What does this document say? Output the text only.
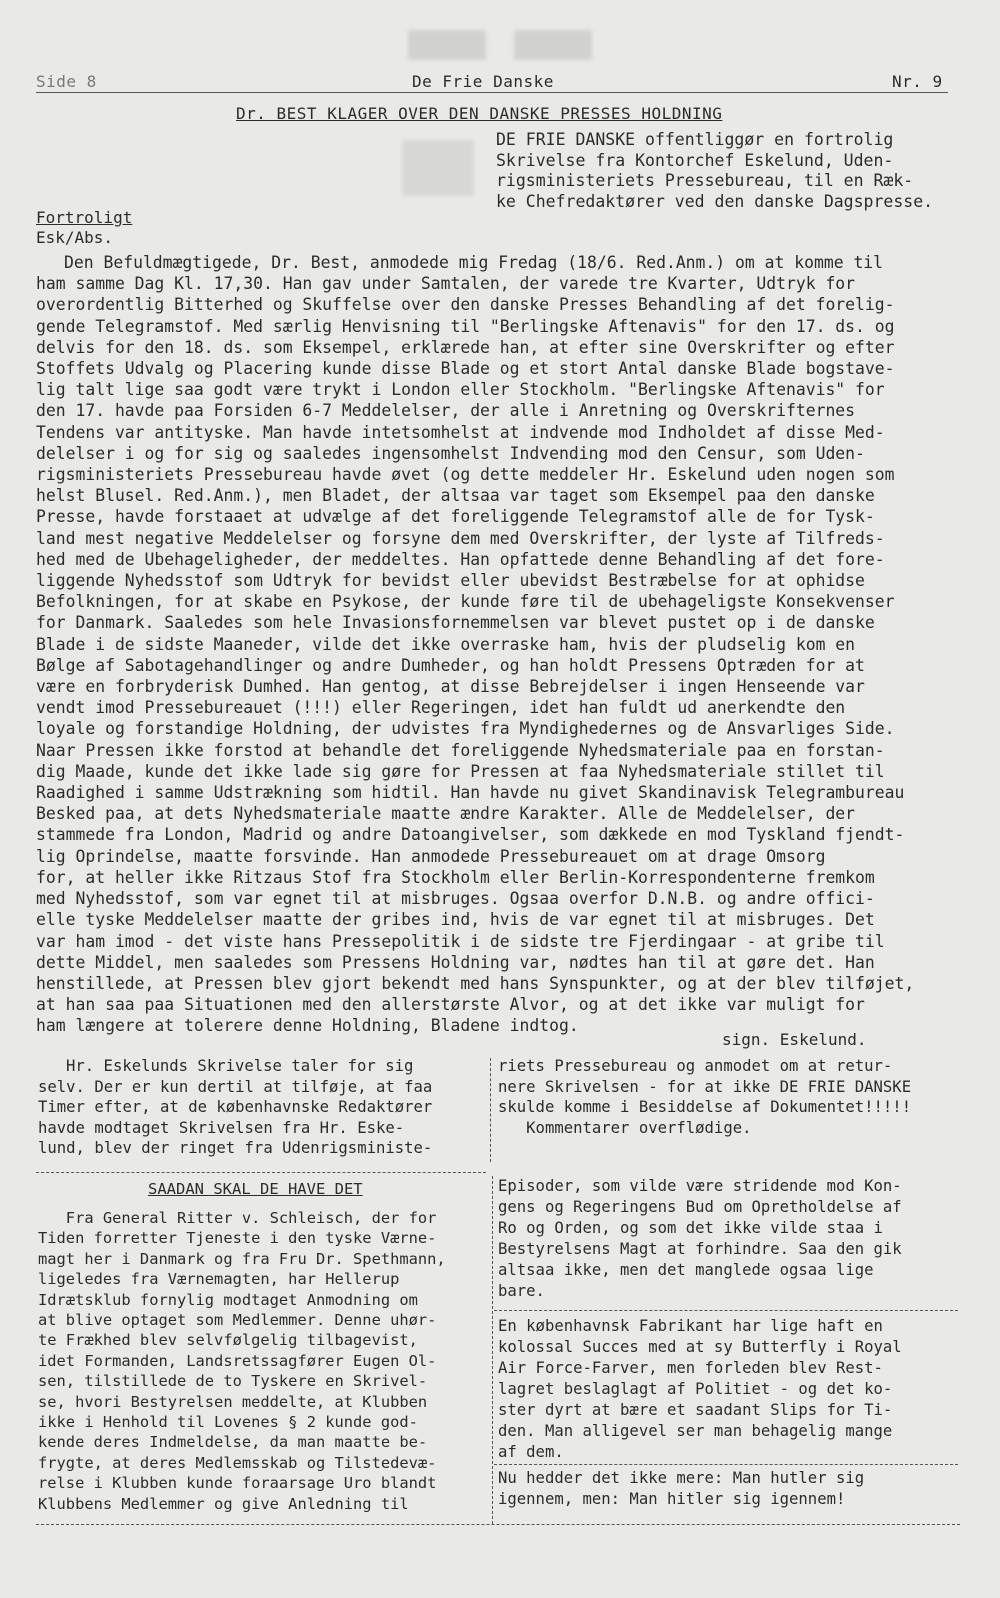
Side 8	De Frie Danske	Nr. 9
Dr. BEST KLAGER OVER DEN DANSKE PRESSES HOLDNING
DE FRIE DANSKE offentliggør en fortrolig
Skrivelse fra Kontorchef Eskelund, Uden-
rigsministeriets Pressebureau, til en Ræk-
ke Chefredaktører ved den danske Dagspresse.
Fortroligt
Esk/Abs.
Den Befuldmægtigede, Dr. Best, anmodede mig Fredag (18/6. Red.Anm.) om at komme til
ham samme Dag Kl. 17,30. Han gav under Samtalen, der varede tre Kvarter, Udtryk for
overordentlig Bitterhed og Skuffelse over den danske Presses Behandling af det forelig-
gende Telegramstof. Med særlig Henvisning til "Berlingske Aftenavis" for den 17. ds. og
delvis for den 18. ds. som Eksempel, erklærede han, at efter sine Overskrifter og efter
Stoffets Udvalg og Placering kunde disse Blade og et stort Antal danske Blade bogstave-
lig talt lige saa godt være trykt i London eller Stockholm. "Berlingske Aftenavis" for
den 17. havde paa Forsiden 6-7 Meddelelser, der alle i Anretning og Overskrifternes
Tendens var antityske. Man havde intetsomhelst at indvende mod Indholdet af disse Med-
delelser i og for sig og saaledes ingensomhelst Indvending mod den Censur, som Uden-
rigsministeriets Pressebureau havde øvet (og dette meddeler Hr. Eskelund uden nogen som
helst Blusel. Red.Anm.), men Bladet, der altsaa var taget som Eksempel paa den danske
Presse, havde forstaaet at udvælge af det foreliggende Telegramstof alle de for Tysk-
land mest negative Meddelelser og forsyne dem med Overskrifter, der lyste af Tilfreds-
hed med de Ubehageligheder, der meddeltes. Han opfattede denne Behandling af det fore-
liggende Nyhedsstof som Udtryk for bevidst eller ubevidst Bestræbelse for at ophidse
Befolkningen, for at skabe en Psykose, der kunde føre til de ubehageligste Konsekvenser
for Danmark. Saaledes som hele Invasionsfornemmelsen var blevet pustet op i de danske
Blade i de sidste Maaneder, vilde det ikke overraske ham, hvis der pludselig kom en
Bølge af Sabotagehandlinger og andre Dumheder, og han holdt Pressens Optræden for at
være en forbryderisk Dumhed. Han gentog, at disse Bebrejdelser i ingen Henseende var
vendt imod Pressebureauet (!!!) eller Regeringen, idet han fuldt ud anerkendte den
loyale og forstandige Holdning, der udvistes fra Myndighedernes og de Ansvarliges Side.
Naar Pressen ikke forstod at behandle det foreliggende Nyhedsmateriale paa en forstan-
dig Maade, kunde det ikke lade sig gøre for Pressen at faa Nyhedsmateriale stillet til
Raadighed i samme Udstrækning som hidtil. Han havde nu givet Skandinavisk Telegrambureau
Besked paa, at dets Nyhedsmateriale maatte ændre Karakter. Alle de Meddelelser, der
stammede fra London, Madrid og andre Datoangivelser, som dækkede en mod Tyskland fjendt-
lig Oprindelse, maatte forsvinde. Han anmodede Pressebureauet om at drage Omsorg
for, at heller ikke Ritzaus Stof fra Stockholm eller Berlin-Korrespondenterne fremkom
med Nyhedsstof, som var egnet til at misbruges. Ogsaa overfor D.N.B. og andre offici-
elle tyske Meddelelser maatte der gribes ind, hvis de var egnet til at misbruges. Det
var ham imod - det viste hans Pressepolitik i de sidste tre Fjerdingaar - at gribe til
dette Middel, men saaledes som Pressens Holdning var, nødtes han til at gøre det. Han
henstillede, at Pressen blev gjort bekendt med hans Synspunkter, og at der blev tilføjet,
at han saa paa Situationen med den allerstørste Alvor, og at det ikke var muligt for
ham længere at tolerere denne Holdning, Bladene indtog.
sign. Eskelund.
Hr. Eskelunds Skrivelse taler for sig
selv. Der er kun dertil at tilføje, at faa
Timer efter, at de københavnske Redaktører
havde modtaget Skrivelsen fra Hr. Eske-
lund, blev der ringet fra Udenrigsministe-
riets Pressebureau og anmodet om at retur-
nere Skrivelsen - for at ikke DE FRIE DANSKE
skulde komme i Besiddelse af Dokumentet!!!!!
Kommentarer overflødige.
SAADAN SKAL DE HAVE DET
Fra General Ritter v. Schleisch, der for
Tiden forretter Tjeneste i den tyske Værne-
magt her i Danmark og fra Fru Dr. Spethmann,
ligeledes fra Værnemagten, har Hellerup
Idrætsklub fornylig modtaget Anmodning om
at blive optaget som Medlemmer. Denne uhør-
te Frækhed blev selvfølgelig tilbagevist,
idet Formanden, Landsretssagfører Eugen Ol-
sen, tilstillede de to Tyskere en Skrivel-
se, hvori Bestyrelsen meddelte, at Klubben
ikke i Henhold til Lovenes § 2 kunde god-
kende deres Indmeldelse, da man maatte be-
frygte, at deres Medlemsskab og Tilstedevæ-
relse i Klubben kunde foraarsage Uro blandt
Klubbens Medlemmer og give Anledning til
Episoder, som vilde være stridende mod Kon-
gens og Regeringens Bud om Opretholdelse af
Ro og Orden, og som det ikke vilde staa i
Bestyrelsens Magt at forhindre. Saa den gik
altsaa ikke, men det manglede ogsaa lige
bare.
En københavnsk Fabrikant har lige haft en
kolossal Succes med at sy Butterfly i Royal
Air Force-Farver, men forleden blev Rest-
lagret beslaglagt af Politiet - og det ko-
ster dyrt at bære et saadant Slips for Ti-
den. Man alligevel ser man behagelig mange
af dem.
Nu hedder det ikke mere: Man hutler sig
igennem, men: Man hitler sig igennem!
